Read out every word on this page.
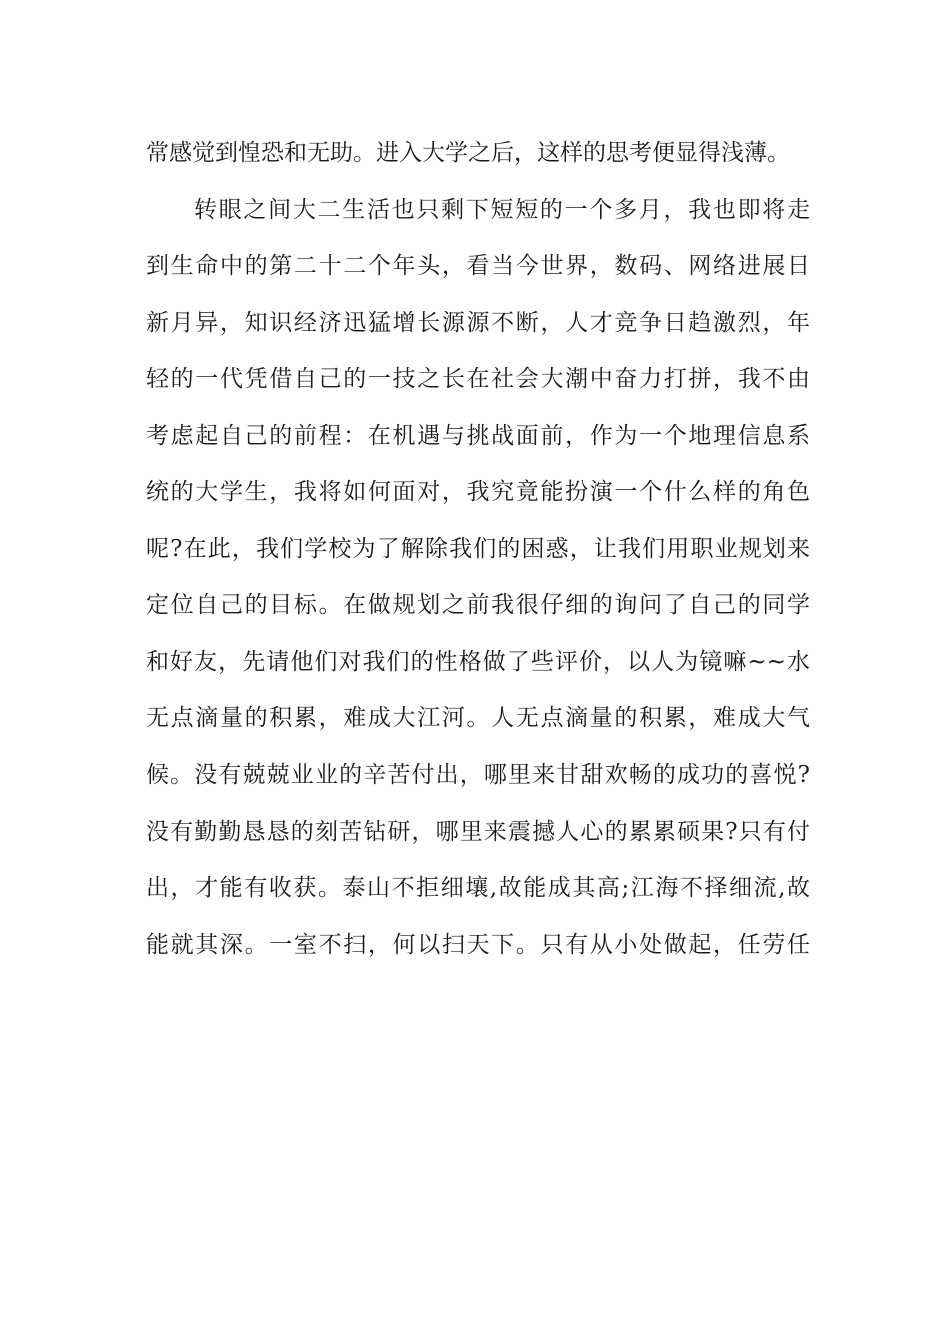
常感觉到惶恐和无助。进入大学之后，这样的思考便显得浅薄。
转眼之间大二生活也只剩下短短的一个多月，我也即将走
到生命中的第二十二个年头，看当今世界，数码、网络进展日
新月异，知识经济迅猛增长源源不断，人才竞争日趋激烈，年
轻的一代凭借自己的一技之长在社会大潮中奋力打拼，我不由
考虑起自己的前程：在机遇与挑战面前，作为一个地理信息系
统的大学生，我将如何面对，我究竟能扮演一个什么样的角色
呢?在此，我们学校为了解除我们的困惑，让我们用职业规划来
定位自己的目标。在做规划之前我很仔细的询问了自己的同学
和好友，先请他们对我们的性格做了些评价，以人为镜嘛~~水
无点滴量的积累，难成大江河。人无点滴量的积累，难成大气
候。没有兢兢业业的辛苦付出，哪里来甘甜欢畅的成功的喜悦?
没有勤勤恳恳的刻苦钻研，哪里来震撼人心的累累硕果?只有付
出，才能有收获。泰山不拒细壤,故能成其高;江海不择细流,故
能就其深。一室不扫，何以扫天下。只有从小处做起，任劳任
